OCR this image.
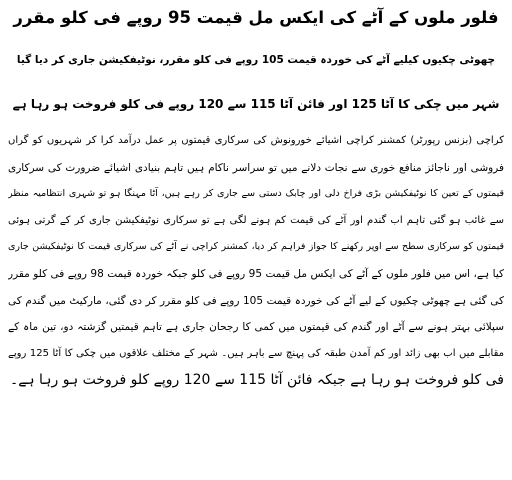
فلور ملوں کے آٹے کی ایکس مل قیمت 95 روپے فی کلو مقرر
چھوٹی چکیوں کیلیے آٹے کی خوردہ قیمت 105 روپے فی کلو مقرر، نوٹیفکیشن جاری کر دیا گیا
شہر میں چکی کا آٹا 125 اور فائن آٹا 115 سے 120 روپے فی کلو فروخت ہو رہا ہے
کراچی (بزنس رپورٹر) کمشنر کراچی اشیائے خورونوش کی سرکاری قیمتوں پر عمل درآمد کرا کر شہریوں کو گراں
فروشی اور ناجائز منافع خوری سے نجات دلانے میں تو سراسر ناکام ہیں تاہم بنیادی اشیائے ضرورت کی سرکاری
قیمتوں کے تعین کا نوٹیفکیشن بڑی فراخ دلی اور چابک دستی سے جاری کر رہے ہیں، آٹا مہنگا ہو تو شہری انتظامیہ منظر
سے غائب ہو گئی تاہم اب گندم اور آٹے کی قیمت کم ہونے لگی ہے تو سرکاری نوٹیفکیشن جاری کر کے گرتی ہوئی
قیمتوں کو سرکاری سطح سے اوپر رکھنے کا جواز فراہم کر دیا، کمشنر کراچی نے آٹے کی سرکاری قیمت کا نوٹیفکیشن جاری
کیا ہے، اس میں فلور ملوں کے آٹے کی ایکس مل قیمت 95 روپے فی کلو جبکہ خوردہ قیمت 98 روپے فی کلو مقرر
کی گئی ہے چھوٹی چکیوں کے لیے آٹے کی خوردہ قیمت 105 روپے فی کلو مقرر کر دی گئی، مارکیٹ میں گندم کی
سپلائی بہتر ہونے سے آٹے اور گندم کی قیمتوں میں کمی کا رجحان جاری ہے تاہم قیمتیں گزشتہ دو، تین ماہ کے
مقابلے میں اب بھی زائد اور کم آمدن طبقہ کی پہنچ سے باہر ہیں۔ شہر کے مختلف علاقوں میں چکی کا آٹا 125 روپے
فی کلو فروخت ہو رہا ہے جبکہ فائن آٹا 115 سے 120 روپے کلو فروخت ہو رہا ہے۔
